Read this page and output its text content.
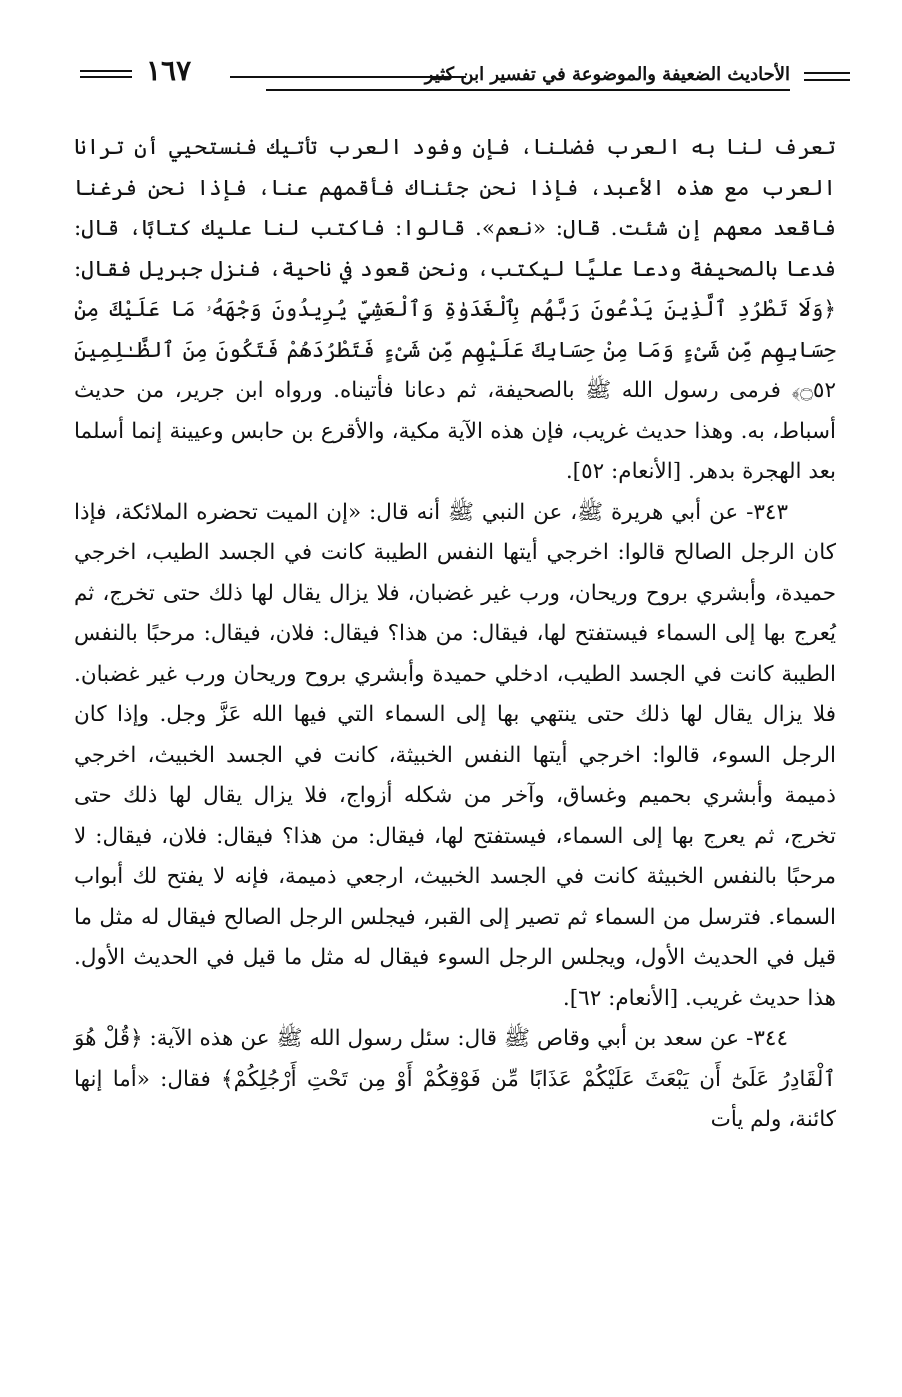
١٦٧	الأحاديث الضعيفة والموضوعة في تفسير ابن كثير

تعرف لنا به العرب فضلنا، فإن وفود العرب تأتيك فنستحيي أن ترانا العرب مع هذه الأعبد، فإذا نحن جئناك فأقمهم عنا، فإذا نحن فرغنا فاقعد معهم إن شئت. قال: «نعم». قالوا: فاكتب لنا عليك كتابًا، قال: فدعا بالصحيفة ودعا عليًا ليكتب، ونحن قعود في ناحية، فنزل جبريل فقال: ﴿وَلَا تَطْرُدِ ٱلَّذِينَ يَدْعُونَ رَبَّهُم بِٱلْغَدَوٰةِ وَٱلْعَشِيِّ يُرِيدُونَ وَجْهَهُۥ مَا عَلَيْكَ مِنْ حِسَابِهِم مِّن شَىْءٍ وَمَا مِنْ حِسَابِكَ عَلَيْهِم مِّن شَىْءٍ فَتَطْرُدَهُمْ فَتَكُونَ مِنَ ٱلظَّـٰلِمِينَ ۝٥٢﴾ فرمى رسول الله ﷺ بالصحيفة، ثم دعانا فأتيناه. ورواه ابن جرير، من حديث أسباط، به. وهذا حديث غريب، فإن هذه الآية مكية، والأقرع بن حابس وعيينة إنما أسلما بعد الهجرة بدهر. [الأنعام: ٥٢].

٣٤٣- عن أبي هريرة ﷺ، عن النبي ﷺ أنه قال: «إن الميت تحضره الملائكة، فإذا كان الرجل الصالح قالوا: اخرجي أيتها النفس الطيبة كانت في الجسد الطيب، اخرجي حميدة، وأبشري بروح وريحان، ورب غير غضبان، فلا يزال يقال لها ذلك حتى تخرج، ثم يُعرج بها إلى السماء فيستفتح لها، فيقال: من هذا؟ فيقال: فلان، فيقال: مرحبًا بالنفس الطيبة كانت في الجسد الطيب، ادخلي حميدة وأبشري بروح وريحان ورب غير غضبان. فلا يزال يقال لها ذلك حتى ينتهي بها إلى السماء التي فيها الله عَزَّ وجل. وإذا كان الرجل السوء، قالوا: اخرجي أيتها النفس الخبيثة، كانت في الجسد الخبيث، اخرجي ذميمة وأبشري بحميم وغساق، وآخر من شكله أزواج، فلا يزال يقال لها ذلك حتى تخرج، ثم يعرج بها إلى السماء، فيستفتح لها، فيقال: من هذا؟ فيقال: فلان، فيقال: لا مرحبًا بالنفس الخبيثة كانت في الجسد الخبيث، ارجعي ذميمة، فإنه لا يفتح لك أبواب السماء. فترسل من السماء ثم تصير إلى القبر، فيجلس الرجل الصالح فيقال له مثل ما قيل في الحديث الأول، ويجلس الرجل السوء فيقال له مثل ما قيل في الحديث الأول. هذا حديث غريب. [الأنعام: ٦٢].

٣٤٤- عن سعد بن أبي وقاص ﷺ قال: سئل رسول الله ﷺ عن هذه الآية: ﴿قُلْ هُوَ ٱلْقَادِرُ عَلَىٰٓ أَن يَبْعَثَ عَلَيْكُمْ عَذَابًا مِّن فَوْقِكُمْ أَوْ مِن تَحْتِ أَرْجُلِكُمْ﴾ فقال: «أما إنها كائنة، ولم يأت
